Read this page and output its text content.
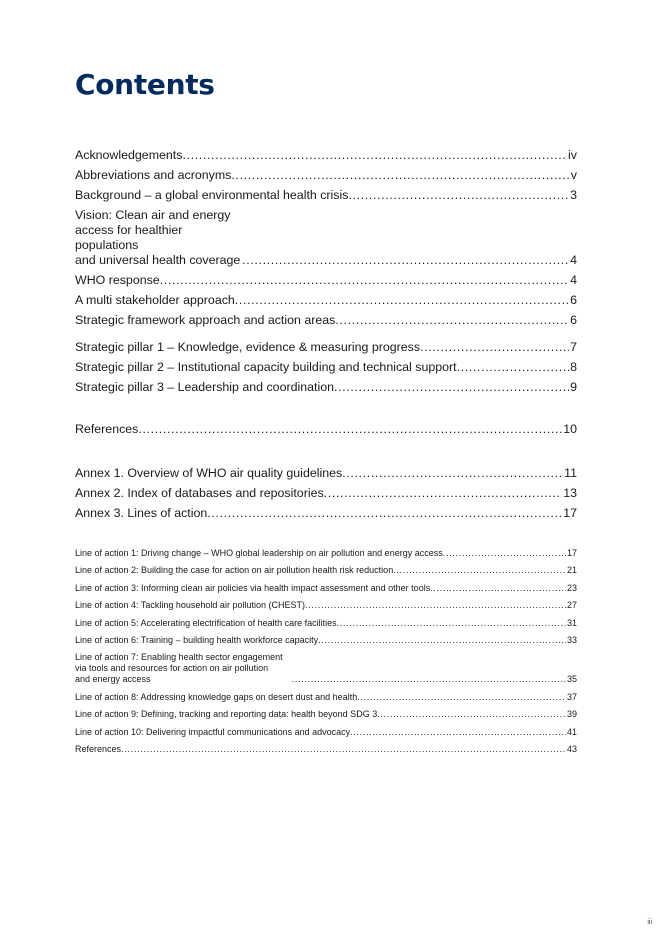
Contents
Acknowledgements . . .	iv
Abbreviations and acronyms . . .	v
Background – a global environmental health crisis . . .	3
Vision: Clean air and energy access for healthier populations
and universal health coverage . . .	4
WHO response . . .	4
A multi stakeholder approach . . .	6
Strategic framework approach and action areas . . .	6
Strategic pillar 1 – Knowledge, evidence & measuring progress . . .	7
Strategic pillar 2 – Institutional capacity building and technical support . . .	8
Strategic pillar 3 – Leadership and coordination . . .	9
References . . .	10
Annex 1. Overview of WHO air quality guidelines . . .	11
Annex 2. Index of databases and repositories . . .	13
Annex 3. Lines of action . . .	17
Line of action 1: Driving change – WHO global leadership on air pollution and energy access . . .	17
Line of action 2: Building the case for action on air pollution health risk reduction . . .	21
Line of action 3: Informing clean air policies via health impact assessment and other tools . . .	23
Line of action 4: Tackling household air pollution (CHEST) . . .	27
Line of action 5: Accelerating electrification of health care facilities . . .	31
Line of action 6: Training – building health workforce capacity . . .	33
Line of action 7: Enabling health sector engagement via tools and resources for action on air pollution
and energy access . . .	35
Line of action 8: Addressing knowledge gaps on desert dust and health . . .	37
Line of action 9: Defining, tracking and reporting data: health beyond SDG 3 . . .	39
Line of action 10: Delivering impactful communications and advocacy . . .	41
References . . .	43
iii
